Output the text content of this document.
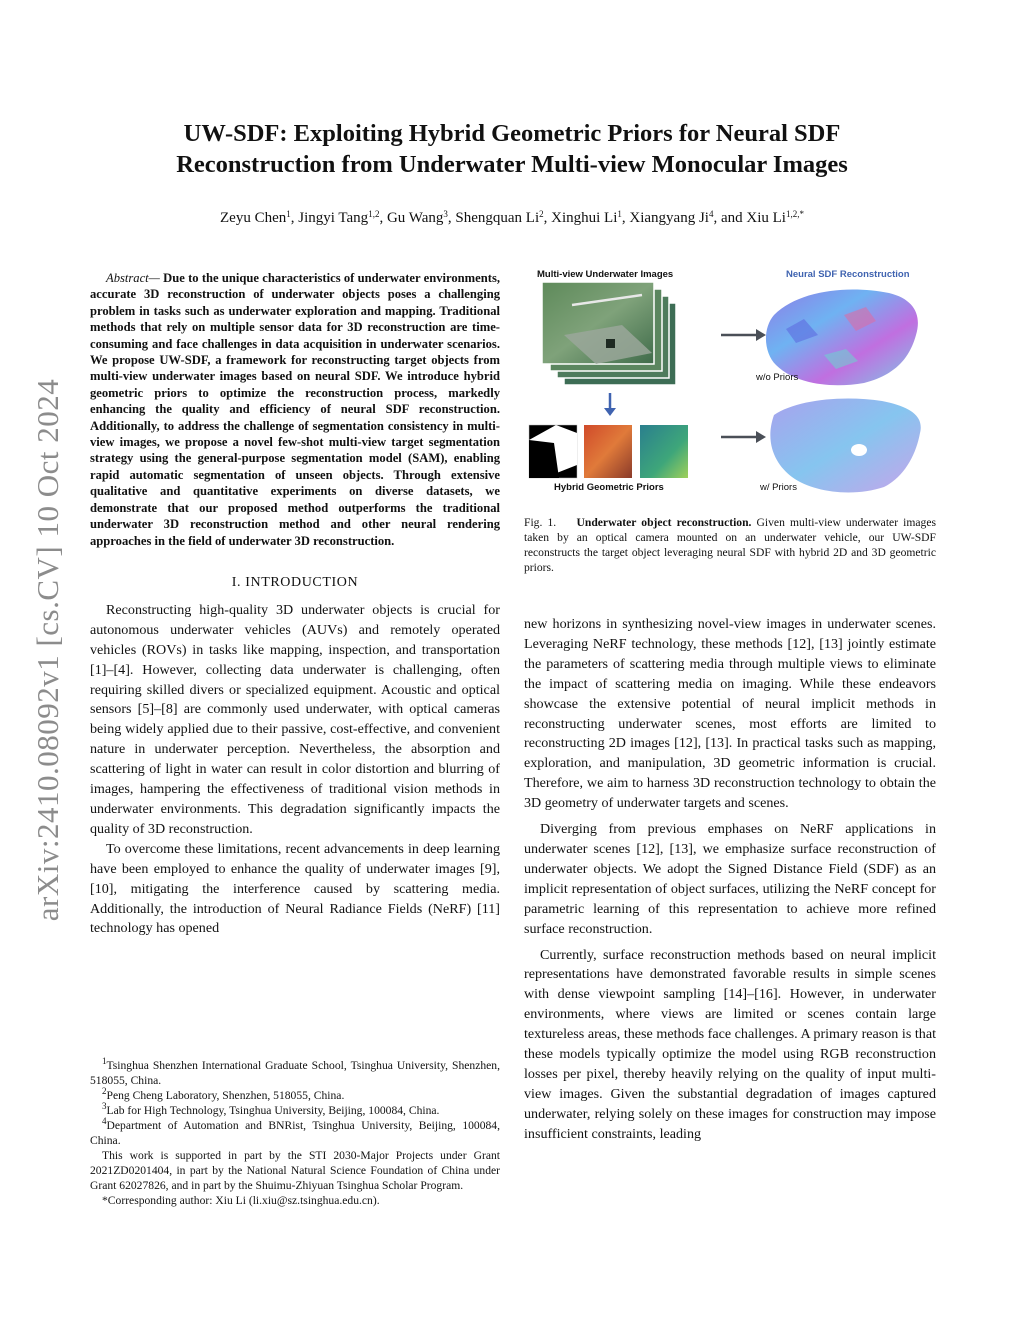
arXiv:2410.08092v1 [cs.CV] 10 Oct 2024
UW-SDF: Exploiting Hybrid Geometric Priors for Neural SDF
Reconstruction from Underwater Multi-view Monocular Images
Zeyu Chen$^1$, Jingyi Tang$^{1,2}$, Gu Wang$^3$, Shengquan Li$^2$, Xinghui Li$^1$, Xiangyang Ji$^4$, and Xiu $Li^{1,2,*}$

Abstract— Due to the unique characteristics of underwater environments, accurate 3D reconstruction of underwater objects poses a challenging problem in tasks such as underwater exploration and mapping. Traditional methods that rely on multiple sensor data for 3D reconstruction are time-consuming and face challenges in data acquisition in underwater scenarios. We propose UW-SDF, a framework for reconstructing target objects from multi-view underwater images based on neural SDF. We introduce hybrid geometric priors to optimize the reconstruction process, markedly enhancing the quality and efficiency of neural SDF reconstruction. Additionally, to address the challenge of segmentation consistency in multi-view images, we propose a novel few-shot multi-view target segmentation strategy using the general-purpose segmentation model (SAM), enabling rapid automatic segmentation of unseen objects. Through extensive qualitative and quantitative experiments on diverse datasets, we demonstrate that our proposed method outperforms the traditional underwater 3D reconstruction method and other neural rendering approaches in the field of underwater 3D reconstruction.

I. INTRODUCTION

Reconstructing high-quality 3D underwater objects is crucial for autonomous underwater vehicles (AUVs) and remotely operated vehicles (ROVs) in tasks like mapping, inspection, and transportation [1]–[4]. However, collecting data underwater is challenging, often requiring skilled divers or specialized equipment. Acoustic and optical sensors [5]–[8] are commonly used underwater, with optical cameras being widely applied due to their passive, cost-effective, and convenient nature in underwater perception. Nevertheless, the absorption and scattering of light in water can result in color distortion and blurring of images, hampering the effectiveness of traditional vision methods in underwater environments. This degradation significantly impacts the quality of 3D reconstruction.

To overcome these limitations, recent advancements in deep learning have been employed to enhance the quality of underwater images [9], [10], mitigating the interference caused by scattering media. Additionally, the introduction of Neural Radiance Fields (NeRF) [11] technology has opened

$^1$Tsinghua Shenzhen International Graduate School, Tsinghua University, Shenzhen, 518055, China.

$^2$Peng Cheng Laboratory, Shenzhen, 518055, China.

$^3$Lab for High Technology, Tsinghua University, Beijing, 100084, China.

$^4$Department of Automation and BNRist, Tsinghua University, Beijing, 100084, China.

This work is supported in part by the STI 2030-Major Projects under Grant 2021ZD0201404, in part by the National Natural Science Foundation of China under Grant 62027826, and in part by the Shuimu-Zhiyuan Tsinghua Scholar Program.

*Corresponding author: Xiu Li (li.xiu@sz.tsinghua.edu.cn).

Multi-view Underwater Images	Neural SDF Reconstruction
w/o Priors
Hybrid Geometric Priors	w/ Priors
Fig. 1. Underwater object reconstruction. Given multi-view underwater images taken by an optical camera mounted on an underwater vehicle, our UW-SDF reconstructs the target object leveraging neural SDF with hybrid 2D and 3D geometric priors.

new horizons in synthesizing novel-view images in underwater scenes. Leveraging NeRF technology, these methods [12], [13] jointly estimate the parameters of scattering media through multiple views to eliminate the impact of scattering media on imaging. While these endeavors showcase the extensive potential of neural implicit methods in reconstructing underwater scenes, most efforts are limited to reconstructing 2D images [12], [13]. In practical tasks such as mapping, exploration, and manipulation, 3D geometric information is crucial. Therefore, we aim to harness 3D reconstruction technology to obtain the 3D geometry of underwater targets and scenes.

Diverging from previous emphases on NeRF applications in underwater scenes [12], [13], we emphasize surface reconstruction of underwater objects. We adopt the Signed Distance Field (SDF) as an implicit representation of object surfaces, utilizing the NeRF concept for parametric learning of this representation to achieve more refined surface reconstruction.

Currently, surface reconstruction methods based on neural implicit representations have demonstrated favorable results in simple scenes with dense viewpoint sampling [14]–[16]. However, in underwater environments, where views are limited or scenes contain large textureless areas, these methods face challenges. A primary reason is that these models typically optimize the model using RGB reconstruction losses per pixel, thereby heavily relying on the quality of input multi-view images. Given the substantial degradation of images captured underwater, relying solely on these images for construction may impose insufficient constraints, leading
